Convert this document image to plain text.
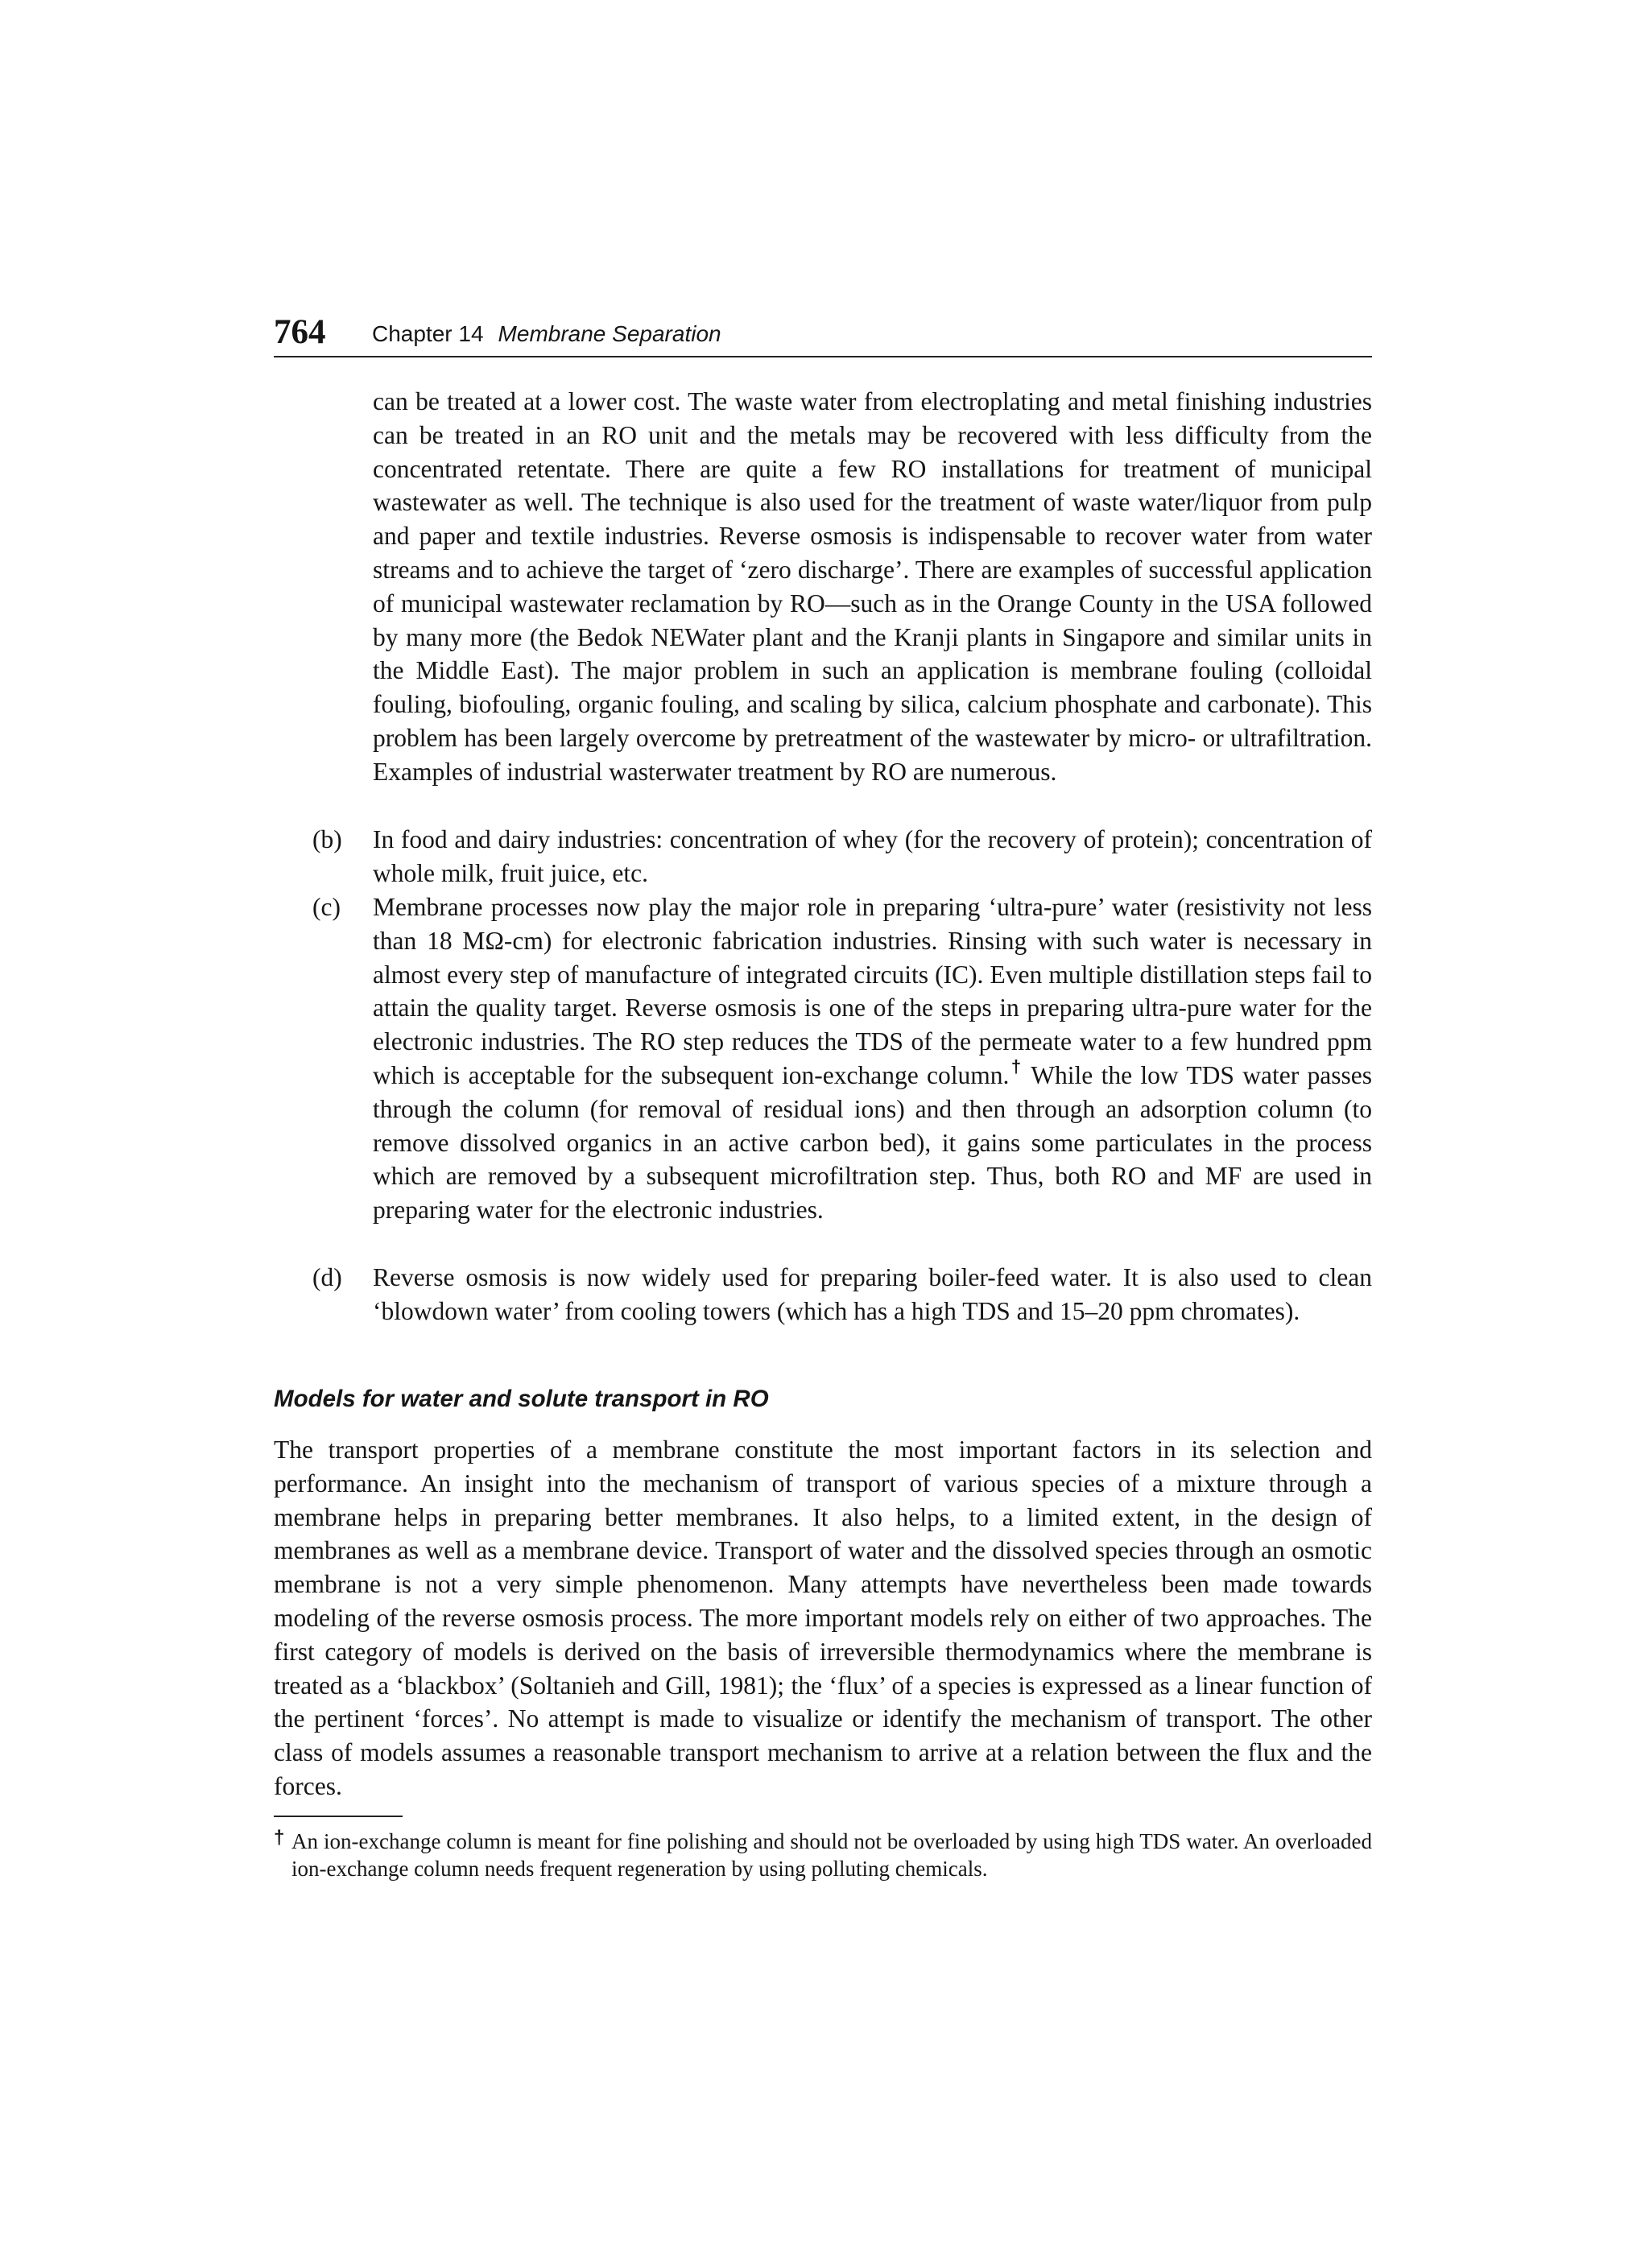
764 Chapter 14 Membrane Separation
can be treated at a lower cost. The waste water from electroplating and metal finishing industries can be treated in an RO unit and the metals may be recovered with less difficulty from the concentrated retentate. There are quite a few RO installations for treatment of municipal wastewater as well. The technique is also used for the treatment of waste water/liquor from pulp and paper and textile industries. Reverse osmosis is indispensable to recover water from water streams and to achieve the target of ‘zero discharge’. There are examples of successful application of municipal wastewater reclamation by RO—such as in the Orange County in the USA followed by many more (the Bedok NEWater plant and the Kranji plants in Singapore and similar units in the Middle East). The major problem in such an application is membrane fouling (colloidal fouling, biofouling, organic fouling, and scaling by silica, calcium phosphate and carbonate). This problem has been largely overcome by pretreatment of the wastewater by micro- or ultrafiltration. Examples of industrial wasterwater treatment by RO are numerous.
(b) In food and dairy industries: concentration of whey (for the recovery of protein); concentration of whole milk, fruit juice, etc.
(c) Membrane processes now play the major role in preparing ‘ultra-pure’ water (resistivity not less than 18 MΩ-cm) for electronic fabrication industries. Rinsing with such water is necessary in almost every step of manufacture of integrated circuits (IC). Even multiple distillation steps fail to attain the quality target. Reverse osmosis is one of the steps in preparing ultra-pure water for the electronic industries. The RO step reduces the TDS of the permeate water to a few hundred ppm which is acceptable for the subsequent ion-exchange column.† While the low TDS water passes through the column (for removal of residual ions) and then through an adsorption column (to remove dissolved organics in an active carbon bed), it gains some particulates in the process which are removed by a subsequent microfiltration step. Thus, both RO and MF are used in preparing water for the electronic industries.
(d) Reverse osmosis is now widely used for preparing boiler-feed water. It is also used to clean ‘blowdown water’ from cooling towers (which has a high TDS and 15–20 ppm chromates).
Models for water and solute transport in RO
The transport properties of a membrane constitute the most important factors in its selection and performance. An insight into the mechanism of transport of various species of a mixture through a membrane helps in preparing better membranes. It also helps, to a limited extent, in the design of membranes as well as a membrane device. Transport of water and the dissolved species through an osmotic membrane is not a very simple phenomenon. Many attempts have nevertheless been made towards modeling of the reverse osmosis process. The more important models rely on either of two approaches. The first category of models is derived on the basis of irreversible thermodynamics where the membrane is treated as a ‘blackbox’ (Soltanieh and Gill, 1981); the ‘flux’ of a species is expressed as a linear function of the pertinent ‘forces’. No attempt is made to visualize or identify the mechanism of transport. The other class of models assumes a reasonable transport mechanism to arrive at a relation between the flux and the forces.
† An ion-exchange column is meant for fine polishing and should not be overloaded by using high TDS water. An overloaded ion-exchange column needs frequent regeneration by using polluting chemicals.
